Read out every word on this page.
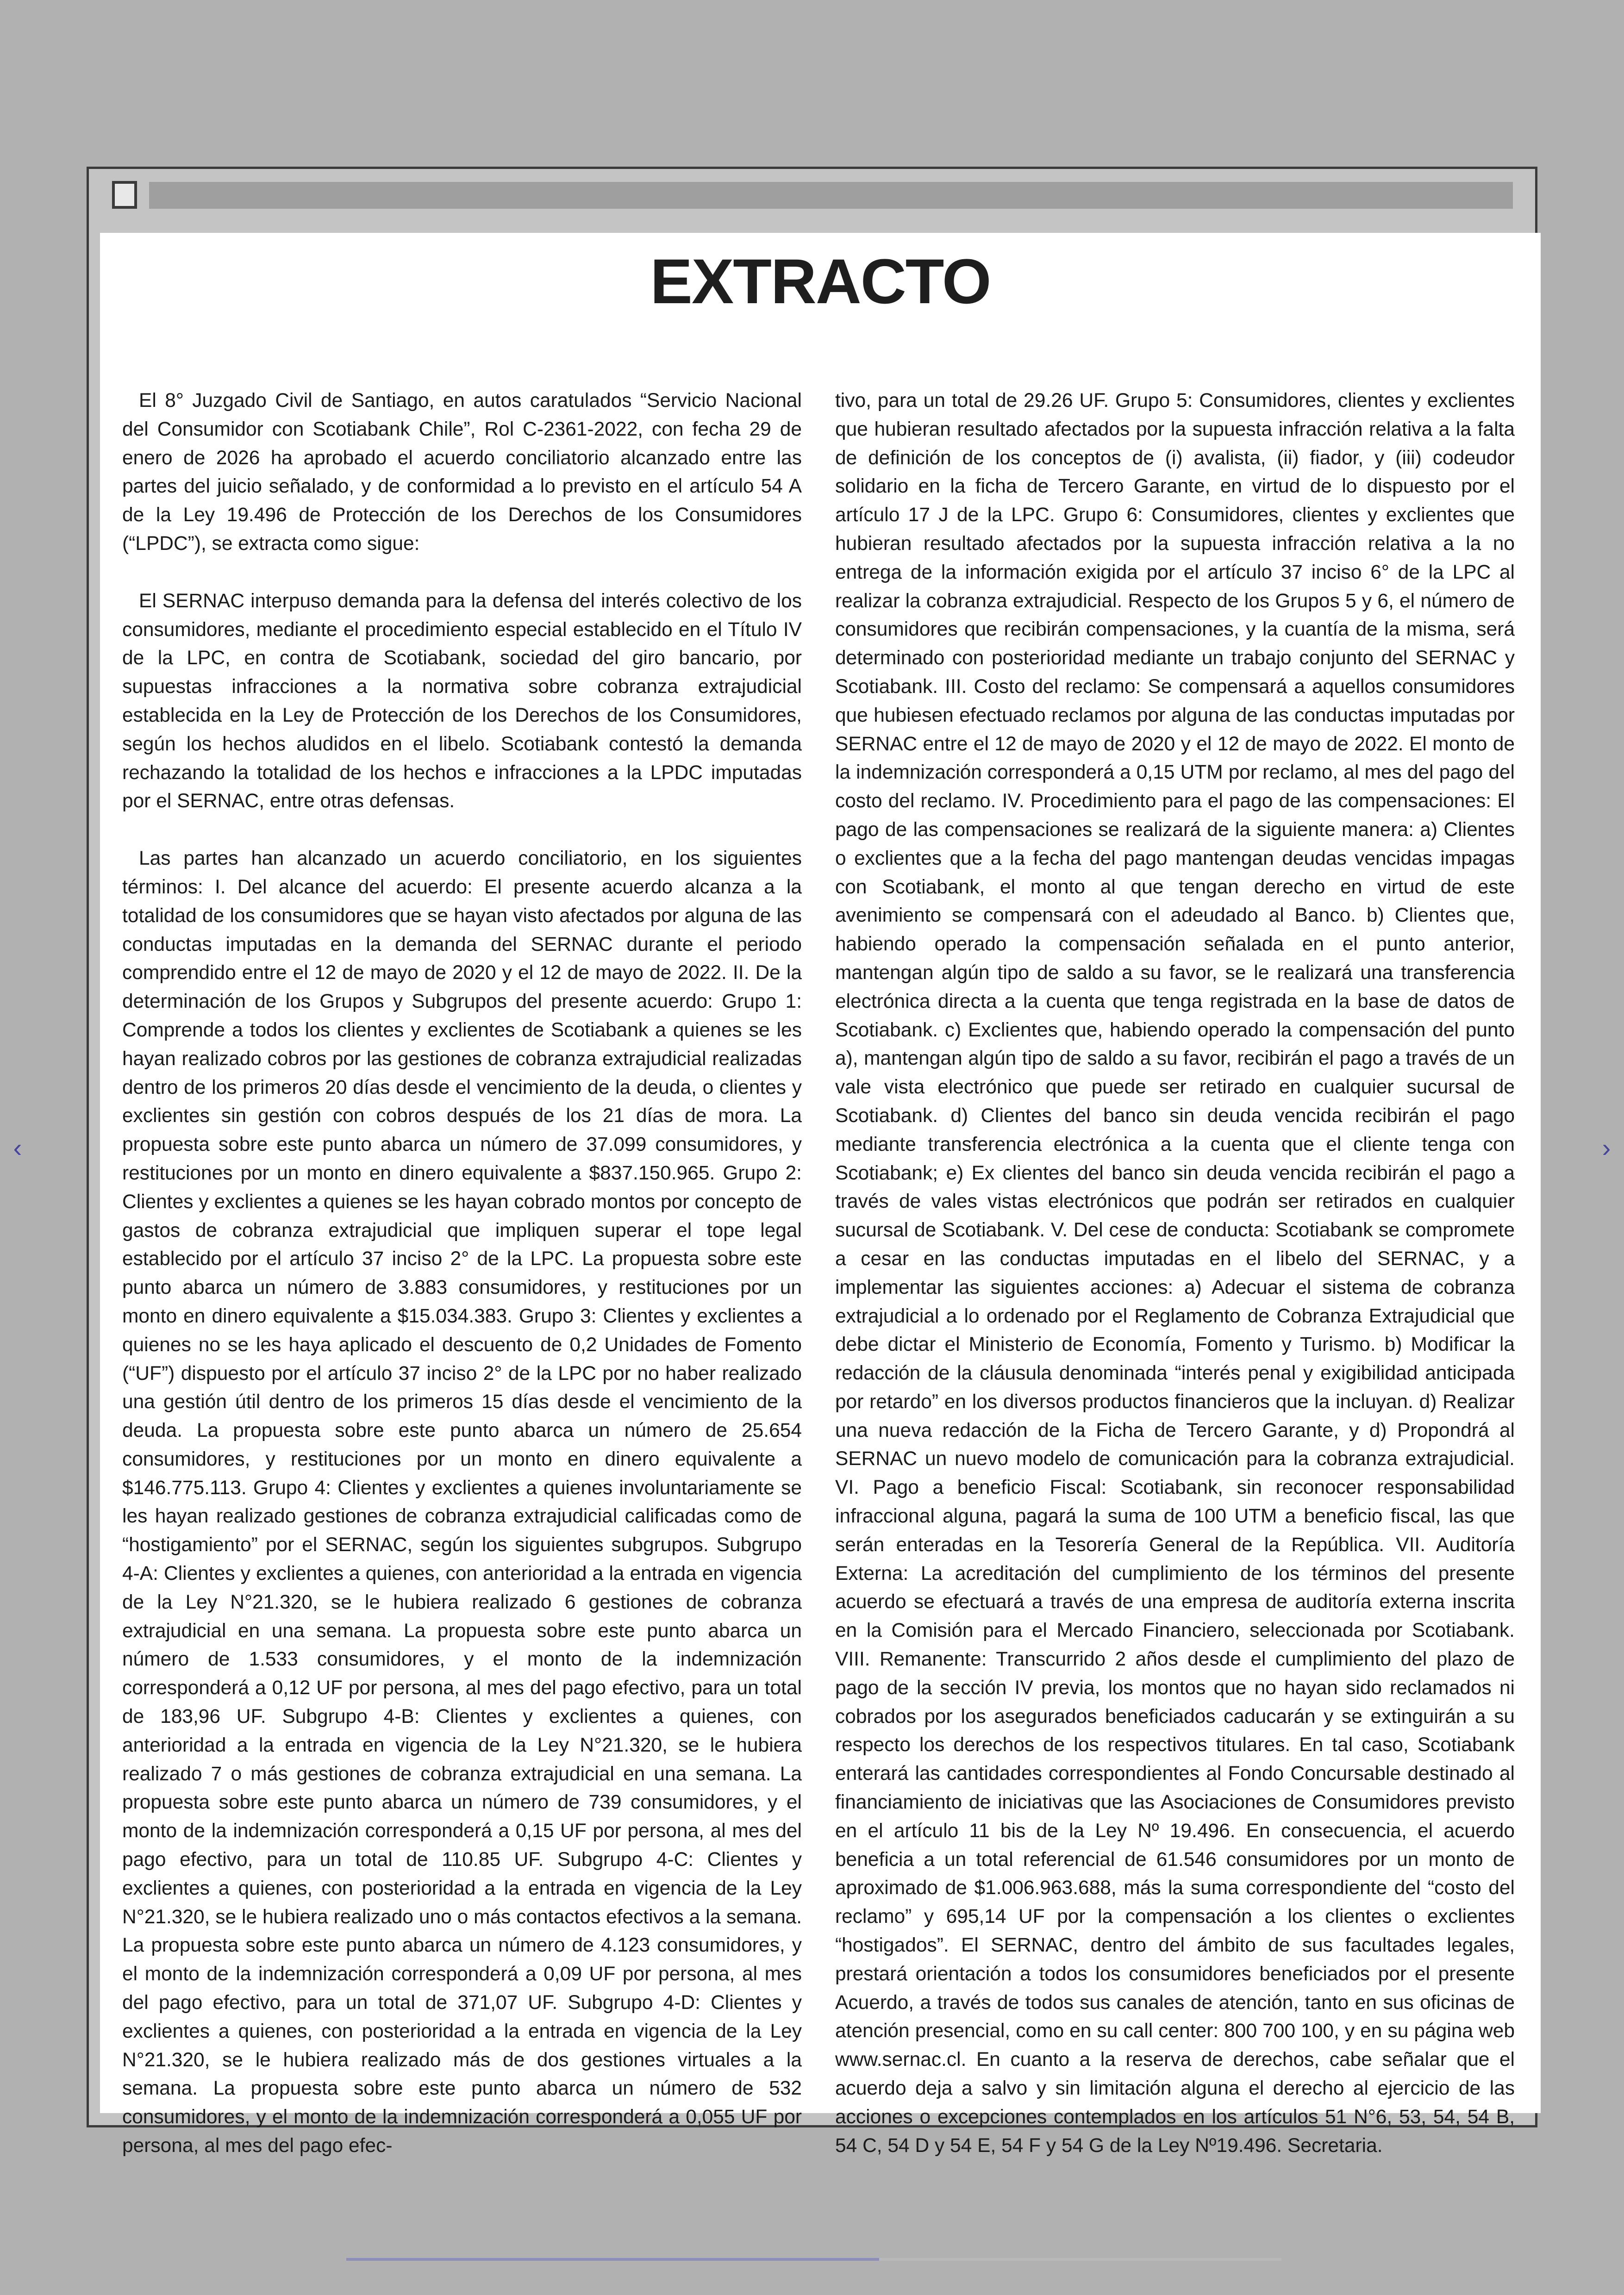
EXTRACTO

El 8° Juzgado Civil de Santiago, en autos caratulados “Servicio Nacional del Consumidor con Scotiabank Chile”, Rol C-2361-2022, con fecha 29 de enero de 2026 ha aprobado el acuerdo conciliatorio alcanzado entre las partes del juicio señalado, y de conformidad a lo previsto en el artículo 54 A de la Ley 19.496 de Protección de los Derechos de los Consumidores (“LPDC”), se extracta como sigue:

El SERNAC interpuso demanda para la defensa del interés colectivo de los consumidores, mediante el procedimiento especial establecido en el Título IV de la LPC, en contra de Scotiabank, sociedad del giro bancario, por supuestas infracciones a la normativa sobre cobranza extrajudicial establecida en la Ley de Protección de los Derechos de los Consumidores, según los hechos aludidos en el libelo. Scotiabank contestó la demanda rechazando la totalidad de los hechos e infracciones a la LPDC imputadas por el SERNAC, entre otras defensas.

Las partes han alcanzado un acuerdo conciliatorio, en los siguientes términos: I. Del alcance del acuerdo: El presente acuerdo alcanza a la totalidad de los consumidores que se hayan visto afectados por alguna de las conductas imputadas en la demanda del SERNAC durante el periodo comprendido entre el 12 de mayo de 2020 y el 12 de mayo de 2022. II. De la determinación de los Grupos y Subgrupos del presente acuerdo: Grupo 1: Comprende a todos los clientes y exclientes de Scotiabank a quienes se les hayan realizado cobros por las gestiones de cobranza extrajudicial realizadas dentro de los primeros 20 días desde el vencimiento de la deuda, o clientes y exclientes sin gestión con cobros después de los 21 días de mora. La propuesta sobre este punto abarca un número de 37.099 consumidores, y restituciones por un monto en dinero equivalente a $837.150.965. Grupo 2: Clientes y exclientes a quienes se les hayan cobrado montos por concepto de gastos de cobranza extrajudicial que impliquen superar el tope legal establecido por el artículo 37 inciso 2° de la LPC. La propuesta sobre este punto abarca un número de 3.883 consumidores, y restituciones por un monto en dinero equivalente a $15.034.383. Grupo 3: Clientes y exclientes a quienes no se les haya aplicado el descuento de 0,2 Unidades de Fomento (“UF”) dispuesto por el artículo 37 inciso 2° de la LPC por no haber realizado una gestión útil dentro de los primeros 15 días desde el vencimiento de la deuda. La propuesta sobre este punto abarca un número de 25.654 consumidores, y restituciones por un monto en dinero equivalente a $146.775.113. Grupo 4: Clientes y exclientes a quienes involuntariamente se les hayan realizado gestiones de cobranza extrajudicial calificadas como de “hostigamiento” por el SERNAC, según los siguientes subgrupos. Subgrupo 4-A: Clientes y exclientes a quienes, con anterioridad a la entrada en vigencia de la Ley N°21.320, se le hubiera realizado 6 gestiones de cobranza extrajudicial en una semana. La propuesta sobre este punto abarca un número de 1.533 consumidores, y el monto de la indemnización corresponderá a 0,12 UF por persona, al mes del pago efectivo, para un total de 183,96 UF. Subgrupo 4-B: Clientes y exclientes a quienes, con anterioridad a la entrada en vigencia de la Ley N°21.320, se le hubiera realizado 7 o más gestiones de cobranza extrajudicial en una semana. La propuesta sobre este punto abarca un número de 739 consumidores, y el monto de la indemnización corresponderá a 0,15 UF por persona, al mes del pago efectivo, para un total de 110.85 UF. Subgrupo 4-C: Clientes y exclientes a quienes, con posterioridad a la entrada en vigencia de la Ley N°21.320, se le hubiera realizado uno o más contactos efectivos a la semana. La propuesta sobre este punto abarca un número de 4.123 consumidores, y el monto de la indemnización corresponderá a 0,09 UF por persona, al mes del pago efectivo, para un total de 371,07 UF. Subgrupo 4-D: Clientes y exclientes a quienes, con posterioridad a la entrada en vigencia de la Ley N°21.320, se le hubiera realizado más de dos gestiones virtuales a la semana. La propuesta sobre este punto abarca un número de 532 consumidores, y el monto de la indemnización corresponderá a 0,055 UF por persona, al mes del pago efec-

tivo, para un total de 29.26 UF. Grupo 5: Consumidores, clientes y exclientes que hubieran resultado afectados por la supuesta infracción relativa a la falta de definición de los conceptos de (i) avalista, (ii) fiador, y (iii) codeudor solidario en la ficha de Tercero Garante, en virtud de lo dispuesto por el artículo 17 J de la LPC. Grupo 6: Consumidores, clientes y exclientes que hubieran resultado afectados por la supuesta infracción relativa a la no entrega de la información exigida por el artículo 37 inciso 6° de la LPC al realizar la cobranza extrajudicial. Respecto de los Grupos 5 y 6, el número de consumidores que recibirán compensaciones, y la cuantía de la misma, será determinado con posterioridad mediante un trabajo conjunto del SERNAC y Scotiabank. III. Costo del reclamo: Se compensará a aquellos consumidores que hubiesen efectuado reclamos por alguna de las conductas imputadas por SERNAC entre el 12 de mayo de 2020 y el 12 de mayo de 2022. El monto de la indemnización corresponderá a 0,15 UTM por reclamo, al mes del pago del costo del reclamo. IV. Procedimiento para el pago de las compensaciones: El pago de las compensaciones se realizará de la siguiente manera: a) Clientes o exclientes que a la fecha del pago mantengan deudas vencidas impagas con Scotiabank, el monto al que tengan derecho en virtud de este avenimiento se compensará con el adeudado al Banco. b) Clientes que, habiendo operado la compensación señalada en el punto anterior, mantengan algún tipo de saldo a su favor, se le realizará una transferencia electrónica directa a la cuenta que tenga registrada en la base de datos de Scotiabank. c) Exclientes que, habiendo operado la compensación del punto a), mantengan algún tipo de saldo a su favor, recibirán el pago a través de un vale vista electrónico que puede ser retirado en cualquier sucursal de Scotiabank. d) Clientes del banco sin deuda vencida recibirán el pago mediante transferencia electrónica a la cuenta que el cliente tenga con Scotiabank; e) Ex clientes del banco sin deuda vencida recibirán el pago a través de vales vistas electrónicos que podrán ser retirados en cualquier sucursal de Scotiabank. V. Del cese de conducta: Scotiabank se compromete a cesar en las conductas imputadas en el libelo del SERNAC, y a implementar las siguientes acciones: a) Adecuar el sistema de cobranza extrajudicial a lo ordenado por el Reglamento de Cobranza Extrajudicial que debe dictar el Ministerio de Economía, Fomento y Turismo. b) Modificar la redacción de la cláusula denominada “interés penal y exigibilidad anticipada por retardo” en los diversos productos financieros que la incluyan. d) Realizar una nueva redacción de la Ficha de Tercero Garante, y d) Propondrá al SERNAC un nuevo modelo de comunicación para la cobranza extrajudicial. VI. Pago a beneficio Fiscal: Scotiabank, sin reconocer responsabilidad infraccional alguna, pagará la suma de 100 UTM a beneficio fiscal, las que serán enteradas en la Tesorería General de la República. VII. Auditoría Externa: La acreditación del cumplimiento de los términos del presente acuerdo se efectuará a través de una empresa de auditoría externa inscrita en la Comisión para el Mercado Financiero, seleccionada por Scotiabank. VIII. Remanente: Transcurrido 2 años desde el cumplimiento del plazo de pago de la sección IV previa, los montos que no hayan sido reclamados ni cobrados por los asegurados beneficiados caducarán y se extinguirán a su respecto los derechos de los respectivos titulares. En tal caso, Scotiabank enterará las cantidades correspondientes al Fondo Concursable destinado al financiamiento de iniciativas que las Asociaciones de Consumidores previsto en el artículo 11 bis de la Ley Nº 19.496. En consecuencia, el acuerdo beneficia a un total referencial de 61.546 consumidores por un monto de aproximado de $1.006.963.688, más la suma correspondiente del “costo del reclamo” y 695,14 UF por la compensación a los clientes o exclientes “hostigados”. El SERNAC, dentro del ámbito de sus facultades legales, prestará orientación a todos los consumidores beneficiados por el presente Acuerdo, a través de todos sus canales de atención, tanto en sus oficinas de atención presencial, como en su call center: 800 700 100, y en su página web www.sernac.cl. En cuanto a la reserva de derechos, cabe señalar que el acuerdo deja a salvo y sin limitación alguna el derecho al ejercicio de las acciones o excepciones contemplados en los artículos 51 N°6, 53, 54, 54 B, 54 C, 54 D y 54 E, 54 F y 54 G de la Ley Nº19.496. Secretaria.

‹	›
